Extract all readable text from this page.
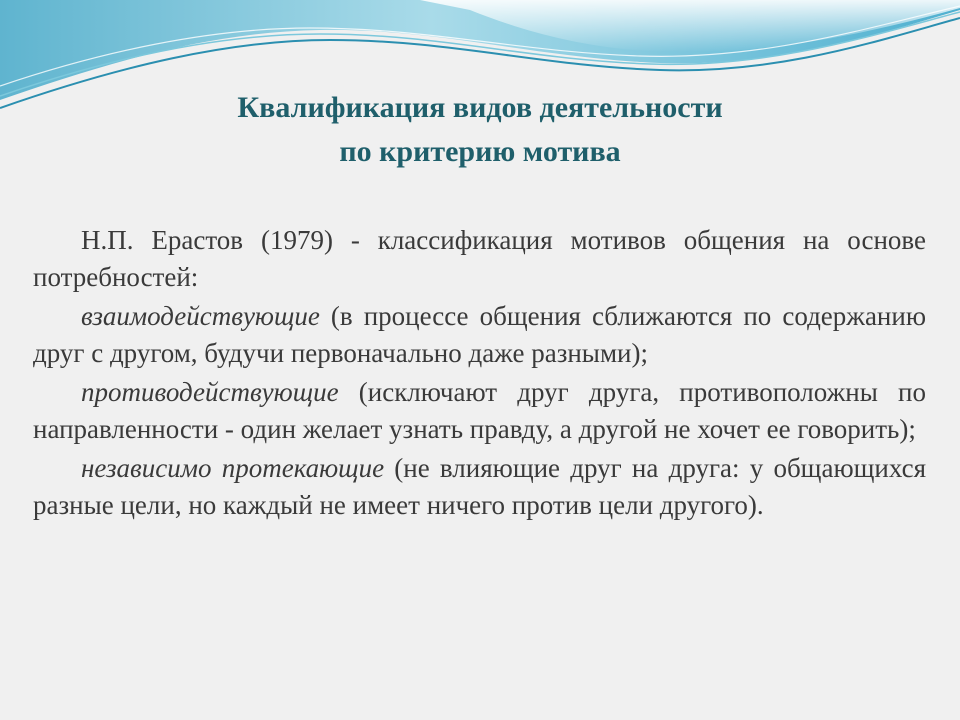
Квалификация видов деятельности
по критерию мотива

Н.П. Ерастов (1979) - классификация мотивов общения на основе потребностей:

взаимодействующие (в процессе общения сближаются по содержанию друг с другом, будучи первоначально даже разными);

противодействующие (исключают друг друга, противоположны по направленности - один желает узнать правду, а другой не хочет ее говорить);

независимо протекающие (не влияющие друг на друга: у общающихся разные цели, но каждый не имеет ничего против цели другого).
